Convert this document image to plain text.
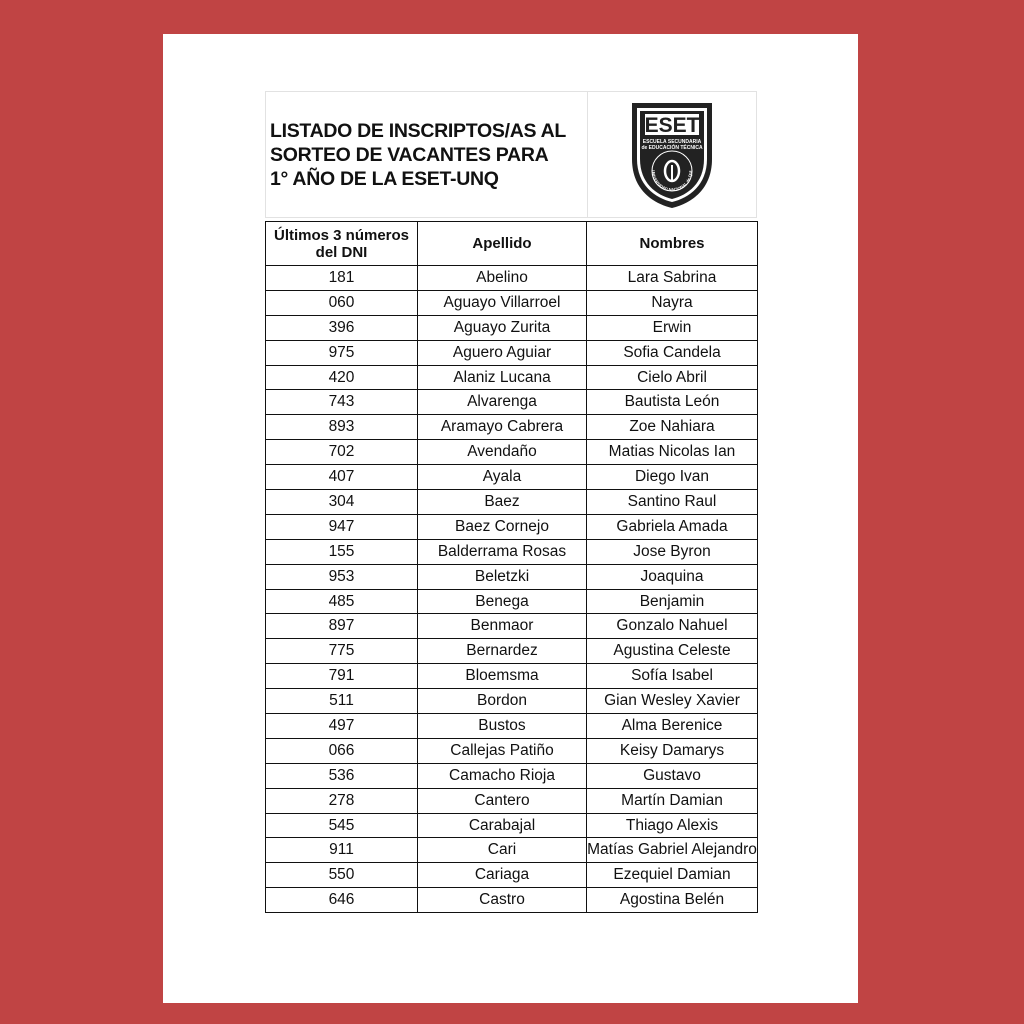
LISTADO DE INSCRIPTOS/AS AL
SORTEO DE VACANTES PARA
1° AÑO DE LA ESET-UNQ
ESET
ESCUELA SECUNDARIA
de EDUCACIÓN TÉCNICA
UNIVERSIDAD NACIONAL de QUI
Últimos 3 números del DNI	Apellido	Nombres
181	Abelino	Lara Sabrina
060	Aguayo Villarroel	Nayra
396	Aguayo Zurita	Erwin
975	Aguero Aguiar	Sofia Candela
420	Alaniz Lucana	Cielo Abril
743	Alvarenga	Bautista León
893	Aramayo Cabrera	Zoe Nahiara
702	Avendaño	Matias Nicolas Ian
407	Ayala	Diego Ivan
304	Baez	Santino Raul
947	Baez Cornejo	Gabriela Amada
155	Balderrama Rosas	Jose Byron
953	Beletzki	Joaquina
485	Benega	Benjamin
897	Benmaor	Gonzalo Nahuel
775	Bernardez	Agustina Celeste
791	Bloemsma	Sofía Isabel
511	Bordon	Gian Wesley Xavier
497	Bustos	Alma Berenice
066	Callejas Patiño	Keisy Damarys
536	Camacho Rioja	Gustavo
278	Cantero	Martín Damian
545	Carabajal	Thiago Alexis
911	Cari	Matías Gabriel Alejandro
550	Cariaga	Ezequiel Damian
646	Castro	Agostina Belén
